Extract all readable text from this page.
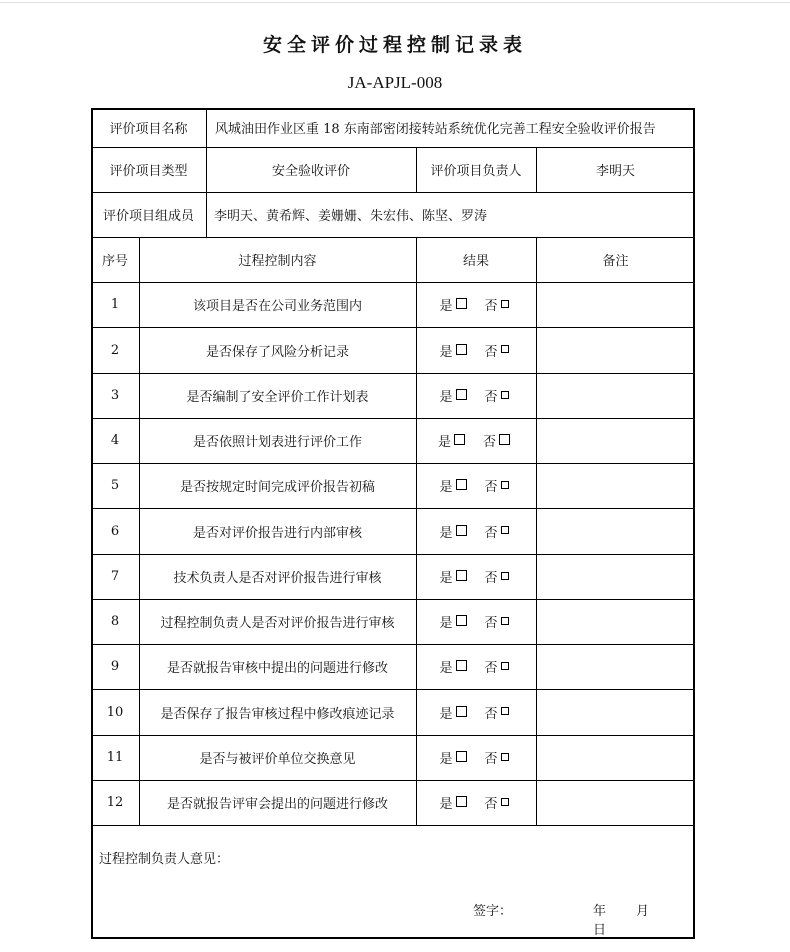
安全评价过程控制记录表
JA-APJL-008
评价项目名称	风城油田作业区重 18 东南部密闭接转站系统优化完善工程安全验收评价报告
评价项目类型	安全验收评价	评价项目负责人	李明天
评价项目组成员	李明天、黄希辉、姜姗姗、朱宏伟、陈坚、罗涛
序号	过程控制内容	结果	备注
1	该项目是否在公司业务范围内	是 否
2	是否保存了风险分析记录	是 否
3	是否编制了安全评价工作计划表	是 否
4	是否依照计划表进行评价工作	是 否
5	是否按规定时间完成评价报告初稿	是 否
6	是否对评价报告进行内部审核	是 否
7	技术负责人是否对评价报告进行审核	是 否
8	过程控制负责人是否对评价报告进行审核	是 否
9	是否就报告审核中提出的问题进行修改	是 否
10	是否保存了报告审核过程中修改痕迹记录	是 否
11	是否与被评价单位交换意见	是 否
12	是否就报告评审会提出的问题进行修改	是 否
过程控制负责人意见：
签字：	年 月日
